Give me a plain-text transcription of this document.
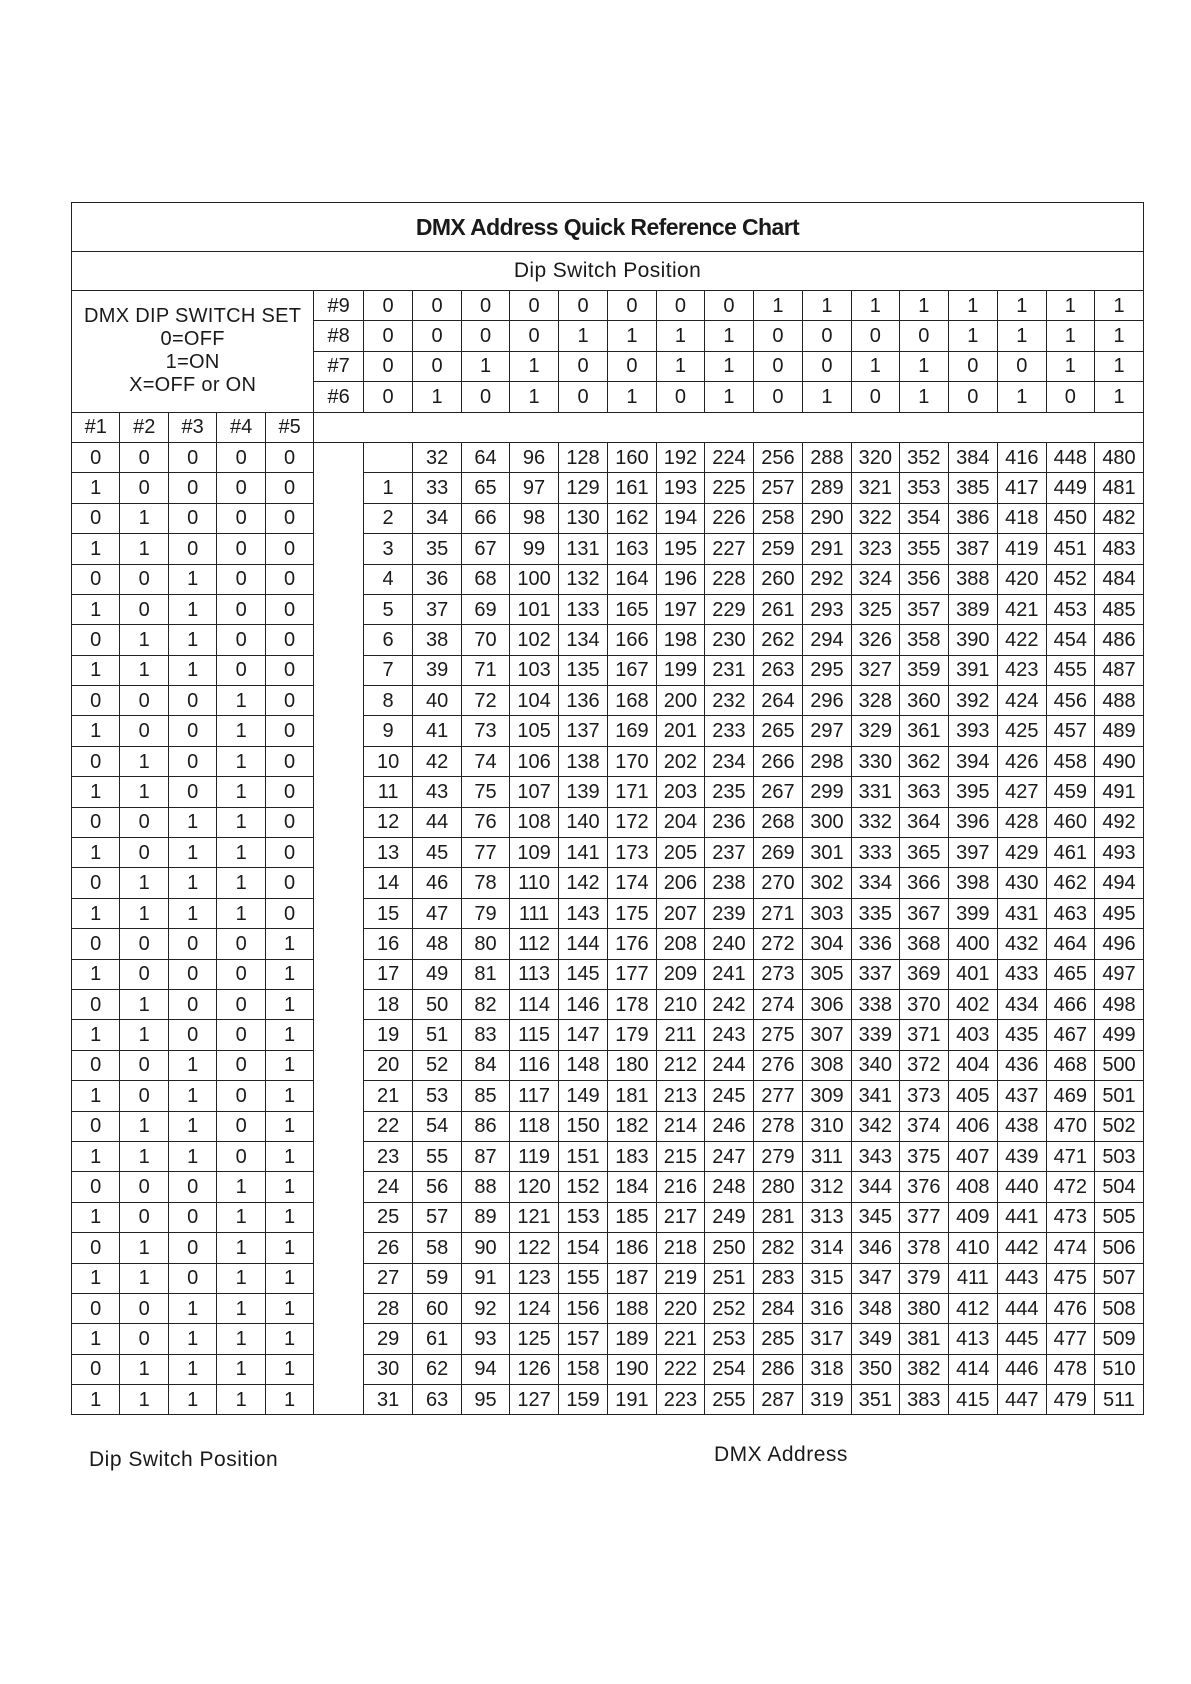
DMX Address Quick Reference Chart																					
Dip Switch Position																					

DMX DIP SWITCH SET
0=OFF
1=ON
X=OFF or ON					#9	0	0	0	0	0	0	0	0	1	1	1	1	1	1	1	1
					#8	0	0	0	0	1	1	1	1	0	0	0	0	1	1	1	1
					#7	0	0	1	1	0	0	1	1	0	0	1	1	0	0	1	1
					#6	0	1	0	1	0	1	0	1	0	1	0	1	0	1	0	1
#1	#2	#3	#4	#5																	
0	0	0	0	0			32	64	96	128	160	192	224	256	288	320	352	384	416	448	480
1	0	0	0	0		1	33	65	97	129	161	193	225	257	289	321	353	385	417	449	481
0	1	0	0	0		2	34	66	98	130	162	194	226	258	290	322	354	386	418	450	482
1	1	0	0	0		3	35	67	99	131	163	195	227	259	291	323	355	387	419	451	483
0	0	1	0	0		4	36	68	100	132	164	196	228	260	292	324	356	388	420	452	484
1	0	1	0	0		5	37	69	101	133	165	197	229	261	293	325	357	389	421	453	485
0	1	1	0	0		6	38	70	102	134	166	198	230	262	294	326	358	390	422	454	486
1	1	1	0	0		7	39	71	103	135	167	199	231	263	295	327	359	391	423	455	487
0	0	0	1	0		8	40	72	104	136	168	200	232	264	296	328	360	392	424	456	488
1	0	0	1	0		9	41	73	105	137	169	201	233	265	297	329	361	393	425	457	489
0	1	0	1	0		10	42	74	106	138	170	202	234	266	298	330	362	394	426	458	490
1	1	0	1	0		11	43	75	107	139	171	203	235	267	299	331	363	395	427	459	491
0	0	1	1	0		12	44	76	108	140	172	204	236	268	300	332	364	396	428	460	492
1	0	1	1	0		13	45	77	109	141	173	205	237	269	301	333	365	397	429	461	493
0	1	1	1	0		14	46	78	110	142	174	206	238	270	302	334	366	398	430	462	494
1	1	1	1	0		15	47	79	111	143	175	207	239	271	303	335	367	399	431	463	495
0	0	0	0	1		16	48	80	112	144	176	208	240	272	304	336	368	400	432	464	496
1	0	0	0	1		17	49	81	113	145	177	209	241	273	305	337	369	401	433	465	497
0	1	0	0	1		18	50	82	114	146	178	210	242	274	306	338	370	402	434	466	498
1	1	0	0	1		19	51	83	115	147	179	211	243	275	307	339	371	403	435	467	499
0	0	1	0	1		20	52	84	116	148	180	212	244	276	308	340	372	404	436	468	500
1	0	1	0	1		21	53	85	117	149	181	213	245	277	309	341	373	405	437	469	501
0	1	1	0	1		22	54	86	118	150	182	214	246	278	310	342	374	406	438	470	502
1	1	1	0	1		23	55	87	119	151	183	215	247	279	311	343	375	407	439	471	503
0	0	0	1	1		24	56	88	120	152	184	216	248	280	312	344	376	408	440	472	504
1	0	0	1	1		25	57	89	121	153	185	217	249	281	313	345	377	409	441	473	505
0	1	0	1	1		26	58	90	122	154	186	218	250	282	314	346	378	410	442	474	506
1	1	0	1	1		27	59	91	123	155	187	219	251	283	315	347	379	411	443	475	507
0	0	1	1	1		28	60	92	124	156	188	220	252	284	316	348	380	412	444	476	508
1	0	1	1	1		29	61	93	125	157	189	221	253	285	317	349	381	413	445	477	509
0	1	1	1	1		30	62	94	126	158	190	222	254	286	318	350	382	414	446	478	510
1	1	1	1	1		31	63	95	127	159	191	223	255	287	319	351	383	415	447	479	511
Dip Switch Position	DMX Address
